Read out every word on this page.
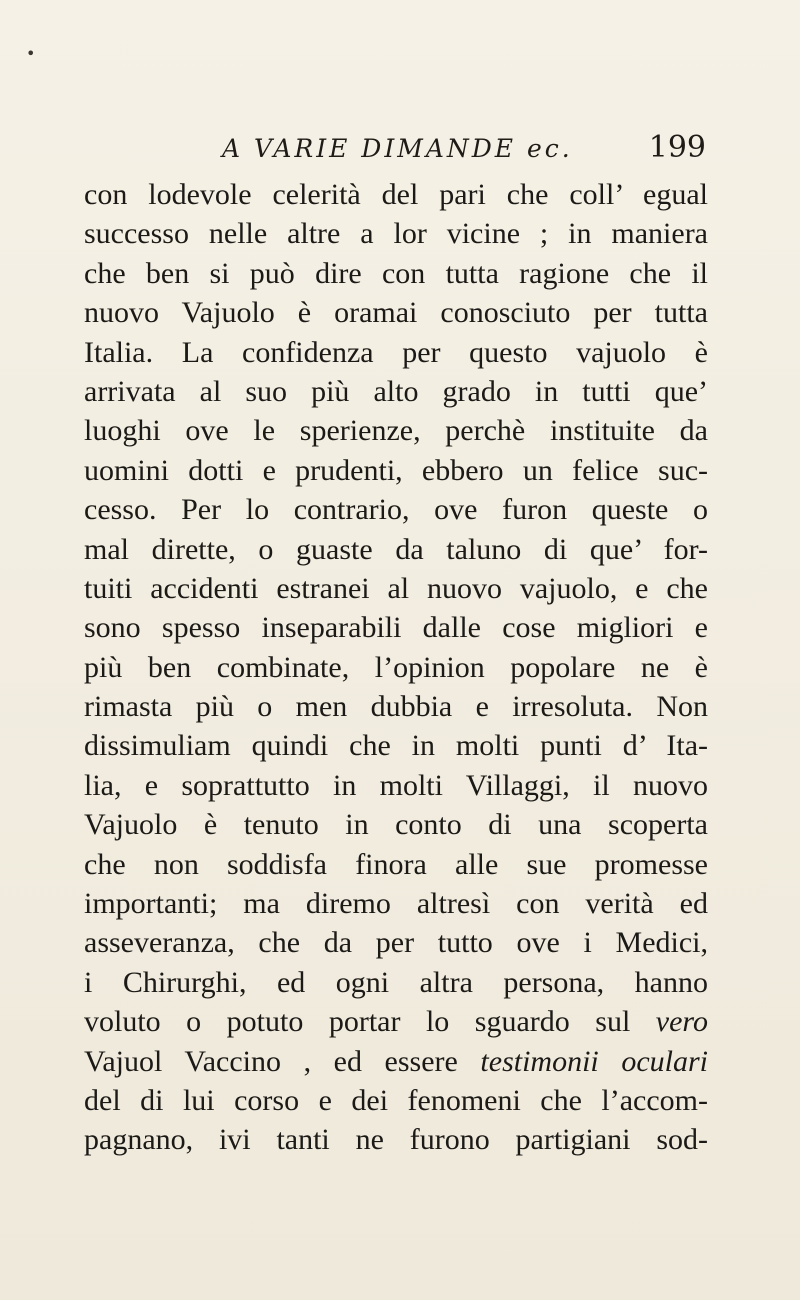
•
A VARIE DIMANDE ec.	199
con lodevole celerità del pari che coll’ egual
successo nelle altre a lor vicine ; in maniera
che ben si può dire con tutta ragione che il
nuovo Vajuolo è oramai conosciuto per tutta
Italia. La confidenza per questo vajuolo è
arrivata al suo più alto grado in tutti que’
luoghi ove le sperienze, perchè instituite da
uomini dotti e prudenti, ebbero un felice suc-
cesso. Per lo contrario, ove furon queste o
mal dirette, o guaste da taluno di que’ for-
tuiti accidenti estranei al nuovo vajuolo, e che
sono spesso inseparabili dalle cose migliori e
più ben combinate, l’opinion popolare ne è
rimasta più o men dubbia e irresoluta. Non
dissimuliam quindi che in molti punti d’ Ita-
lia, e soprattutto in molti Villaggi, il nuovo
Vajuolo è tenuto in conto di una scoperta
che non soddisfa finora alle sue promesse
importanti; ma diremo altresì con verità ed
asseveranza, che da per tutto ove i Medici,
i Chirurghi, ed ogni altra persona, hanno
voluto o potuto portar lo sguardo sul vero
Vajuol Vaccino , ed essere testimonii oculari
del di lui corso e dei fenomeni che l’accom-
pagnano, ivi tanti ne furono partigiani sod-
